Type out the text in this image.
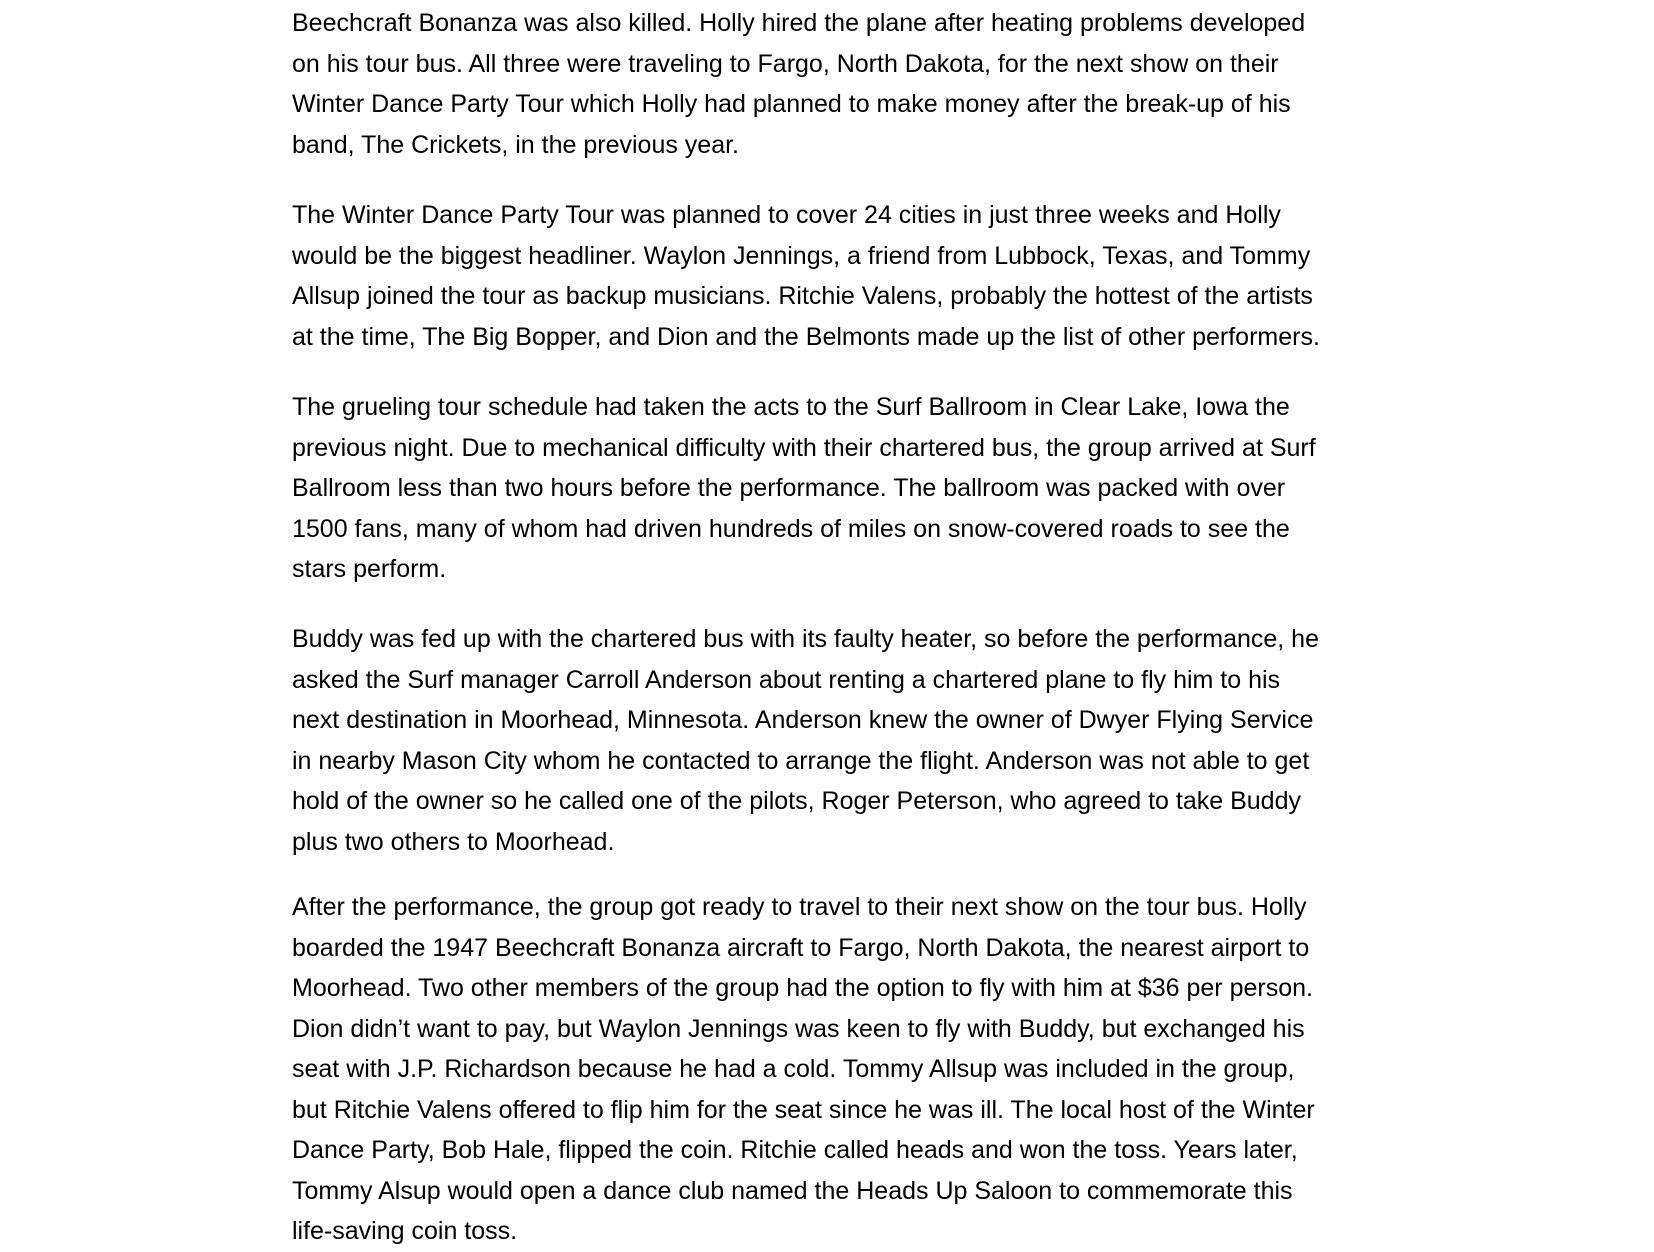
Beechcraft Bonanza was also killed. Holly hired the plane after heating problems developed
on his tour bus. All three were traveling to Fargo, North Dakota, for the next show on their
Winter Dance Party Tour which Holly had planned to make money after the break-up of his
band, The Crickets, in the previous year.

The Winter Dance Party Tour was planned to cover 24 cities in just three weeks and Holly
would be the biggest headliner. Waylon Jennings, a friend from Lubbock, Texas, and Tommy
Allsup joined the tour as backup musicians. Ritchie Valens, probably the hottest of the artists
at the time, The Big Bopper, and Dion and the Belmonts made up the list of other performers.

The grueling tour schedule had taken the acts to the Surf Ballroom in Clear Lake, Iowa the
previous night. Due to mechanical difficulty with their chartered bus, the group arrived at Surf
Ballroom less than two hours before the performance. The ballroom was packed with over
1500 fans, many of whom had driven hundreds of miles on snow-covered roads to see the
stars perform.

Buddy was fed up with the chartered bus with its faulty heater, so before the performance, he
asked the Surf manager Carroll Anderson about renting a chartered plane to fly him to his
next destination in Moorhead, Minnesota. Anderson knew the owner of Dwyer Flying Service
in nearby Mason City whom he contacted to arrange the flight. Anderson was not able to get
hold of the owner so he called one of the pilots, Roger Peterson, who agreed to take Buddy
plus two others to Moorhead.

After the performance, the group got ready to travel to their next show on the tour bus. Holly
boarded the 1947 Beechcraft Bonanza aircraft to Fargo, North Dakota, the nearest airport to
Moorhead. Two other members of the group had the option to fly with him at $36 per person.
Dion didn’t want to pay, but Waylon Jennings was keen to fly with Buddy, but exchanged his
seat with J.P. Richardson because he had a cold. Tommy Allsup was included in the group,
but Ritchie Valens offered to flip him for the seat since he was ill. The local host of the Winter
Dance Party, Bob Hale, flipped the coin. Ritchie called heads and won the toss. Years later,
Tommy Alsup would open a dance club named the Heads Up Saloon to commemorate this
life-saving coin toss.
